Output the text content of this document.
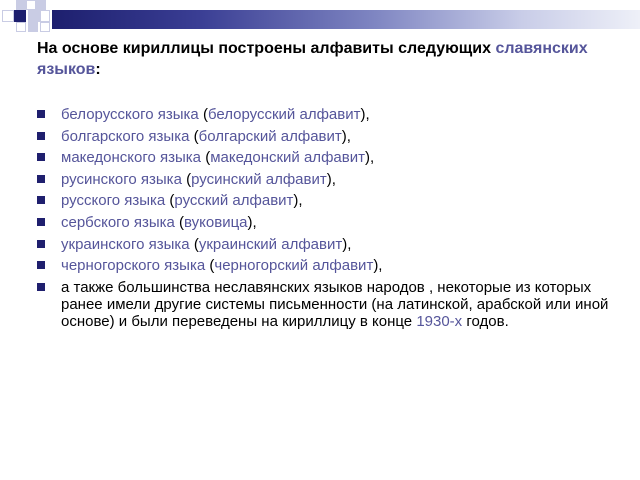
На основе кириллицы построены алфавиты следующих славянских языков:
белорусского языка (белорусский алфавит),
болгарского языка (болгарский алфавит),
македонского языка (македонский алфавит),
русинского языка (русинский алфавит),
русского языка (русский алфавит),
сербского языка (вуковица),
украинского языка (украинский алфавит),
черногорского языка (черногорский алфавит),
а также большинства неславянских языков народов , некоторые из которых ранее имели другие системы письменности (на латинской, арабской или иной основе) и были переведены на кириллицу в конце 1930-х годов.
